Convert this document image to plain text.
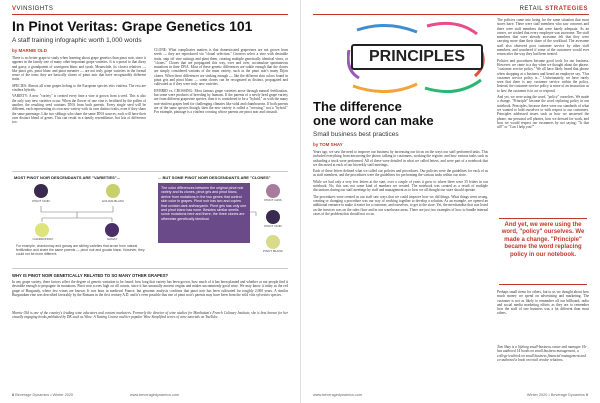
VVINSIGHTS
In Pinot Veritas: Grape Genetics 101
A staff training infographic worth 1,000 words
by MARNIE OLD

There is no better grape to study when learning about grape genetics than pinot noir, since it appears in the family tree of many other important grape varieties. It is a portal to that dizzy and gassy, a grandparent of sauvignon blanc and syrah, Meanwhile, its closest relatives — like pinot gris, pinot blanc and pinot meunier — are not truly grape varieties in the formal sense of the term; they are basically clones of pinot noir that have recognizably different traits.

SPECIES: Almost all wine grapes belong to the European species vitis vinifera. The rest are vinifera hybrids.

VARIETY: A new "variety" is created every time a vine is grown from a seed. This is also the only way new varieties occur. When the flower of one vine is fertilized by the pollen of another, the resulting seed contains DNA from both parents. Every single seed will be different, each representing its own new variety with its own distinct traits, even if they share the same parentage. Like two siblings who share the same DNA sources, each will have their own distinct blend of genes. This can result in a family resemblance, but lots of difference too.

CLONE: What complicates matters is that domesticated grapevines are not grown from seeds — they are reproduced via "clonal selection." Growers select a vine with desirable traits, snip off vine cuttings and plant them, creating multiple genetically identical vines, or "clones." Clones that are propagated this way, over and over, accumulate spontaneous mutations in their DNA. Most of these genetic differences are subtle enough that the clones are simply considered variants of the main variety, such as the pinot noir's many Dijon clones. When these differences are striking enough — like the different skin colors found in pinot gris and pinot blanc — some clones can be recognized as distinct, propagated and cultivated as if they were truly new varieties.

HYBRID vs. CROSSING: Most famous grape varieties arose through natural fertilization, but some were products of breeding by humans. If the parents of a newly bred grape variety are from different grapevine species, then it is considered to be a "hybrid," as with the many non-vinifera grapes bred for challenging climates like vidal and chambourcin. If both parents are of the same species though, then the new variety is called a "crossing," not a "hybrid." For example, pinotage is a vinifera crossing whose parents are pinot noir and cinsault.

MOST PINOT NOIR DESCENDANTS ARE "VARIETIES"...	... BUT SOME PINOT NOIR DESCENDANTS ARE "CLONES"
PINOT NOIR	GOUAIS BLANC
CHARDONNAY	GAMAY
For example, chardonnay and gamay are sibling varieties that arose from natural fertilization and share the same parents — pinot noir and gouais blanc. However, they could not be more different.
The color differences between the original pinot noir variety and its clones, pinot gris and pinot blanc, derive from mutations in the two genes that control skin color in grapes. Pinot noir has two and copies that contain dark anthocyanin. Pinot gris has only one and pinot blanc has none. Besides similar smells some mutations here and there, the three clones are otherwise genetically identical.
PINOT GRIS
PINOT NOIR
PINOT BLANC
WHY IS PINOT NOIR GENETICALLY RELATED TO SO MANY OTHER GRAPES?
In any grape variety, there factors affect the degree of genetic variation to be found: how long that variety has been grown, how much of it has been planted and whether or not people find it desirable enough to propagate its mutations. Pinot noir scores high on all counts, since it has unusually ancient origins and makes uncommonly good wine. We may know it today as the red grape of Burgundy, where few wines are known. It was born in medieval France, but genomic analysis confirms that pinot noir has been cultivated for roughly 2,000 years. A similar Burgundian vine was described favorably by the Romans in the first century A.D. and it's even possible that one of pinot noir's parents may have been from the wild vitis sylvestris species.
Marnie Old is one of the country's leading wine educators and content marketers. Formerly the director of wine studies for Manhattan's French Culinary Institute, she is best known for her visually engaging books published by DK such as Wine: A Tasting Course and her popular Wine Simplified series of wine tutorials on YouTube.
8 Beverage Dynamics • Winter 2020	www.beveragedynamics.com
RETAIL STRATEGIES
PRINCIPLES
The difference
one word can make
Small business best practices
by TOM SHAY

Years ago, we saw the need to improve our business by increasing our focus on the ways our staff performed tasks. This included everything from answering the phone, talking to customers, working the register, and how various tasks such as unloading a truck were performed. All of these were detailed in what we called letters, and were part of a notebook that we discussed at each of our biweekly staff meetings.

Each of these letters defined what we called our policies and procedures. Our policies were the guidelines for each of us as staff members, and the procedures were the guidelines for performing the various tasks within our store.

While we had only a very few letters at the start, over a couple of years it grew to where there were 35 letters in our notebook. No, this was not some kind of numbers we created. The notebook was created as a result of multiple discussions during our staff meetings by staff and management as to how we all thought our store should operate.

The procedures were created as our staff saw ways that we could improve how we did things. What things went wrong, creating or changing a procedure was our way of working together to develop a solution. As an example, we opened an additional entrance to make it easier for a customer, and ourselves, to get to the store. Yet, the merchandise that was listed on the invoices was on the sales floor and in our warehouse areas. There are just two examples of how to handle internal cases of the problem that should not occur.

The policies came into being for the same situation that most stores have. There were staff members who saw concerns and there were staff members that were barely adequate. As an owner, we wished that every employee was awesome. The staff members that were already awesome felt that they were carrying more than their share of the workload. The awesome staff also observed poor customer service by other staff members, and wondered if some of the customers would ever return after the way they had been treated.

Policies and procedures became good tools for our business. However, we came to a day when we thought about the phrase, "customer service policy." We all have likely heard that phrase when shopping at a business and heard an employee say, "Our customer service policy is..." Unfortunately, we have rarely seen that there is any customer service within the policy. Instead, the customer service policy is more of an instruction as to how the customer is to act or respond.

And yet, we were using the word, "policy" ourselves. We made a change. "Principle" became the word replacing policy in our notebook. Principles, because there were our standards of what we wanted to hold ourselves to with respect to our customers. Principles addressed issues such as how we answered the phone, our personal cell phones, how we dressed for work, and how we would respect our customers by not saying, "Is that all?" or "Can I help you?"

And yet, we were using the word, "policy" ourselves. We made a change. "Principle" became the word replacing policy in our notebook.
Perhaps small items for others, but to us we thought about how much money we spend on advertising and marketing. The customer is not as likely to remember all our billboard, radio and social media marketing efforts as they are to remember how the staff of one business was a lot different than most others.
Tom Shay is a lifelong small-business owner and manager. He has authored 14 books on small business management, a college textbook on small business financial management and co-authored a book on retail vendor relations.
www.beveragedynamics.com	Winter 2020 • Beverage Dynamics 9
